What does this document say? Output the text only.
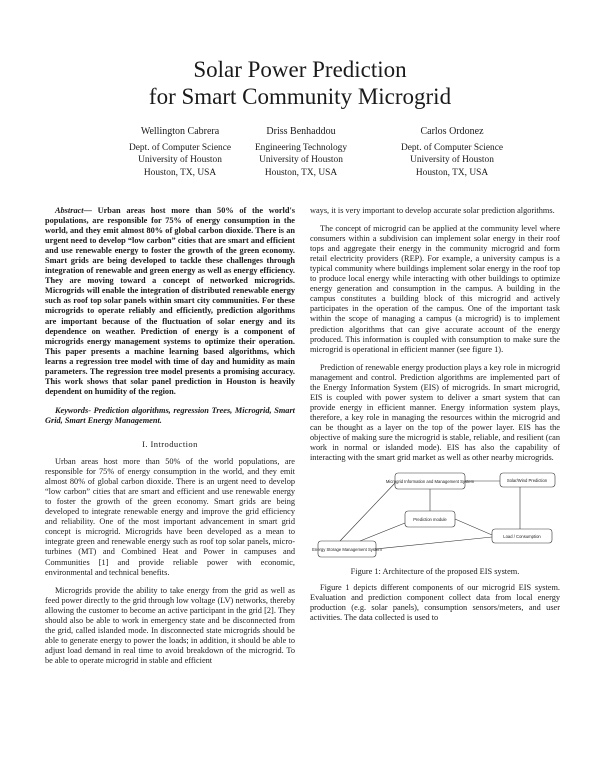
Solar Power Prediction
for Smart Community Microgrid
Wellington Cabrera
Dept. of Computer Science
University of Houston
Houston, TX, USA
Driss Benhaddou
Engineering Technology
University of Houston
Houston, TX, USA
Carlos Ordonez
Dept. of Computer Science
University of Houston
Houston, TX, USA

Abstract— Urban areas host more than 50% of the world's populations, are responsible for 75% of energy consumption in the world, and they emit almost 80% of global carbon dioxide. There is an urgent need to develop “low carbon” cities that are smart and efficient and use renewable energy to foster the growth of the green economy. Smart grids are being developed to tackle these challenges through integration of renewable and green energy as well as energy efficiency. They are moving toward a concept of networked microgrids. Microgrids will enable the integration of distributed renewable energy such as roof top solar panels within smart city communities. For these microgrids to operate reliably and efficiently, prediction algorithms are important because of the fluctuation of solar energy and its dependence on weather. Prediction of energy is a component of microgrids energy management systems to optimize their operation. This paper presents a machine learning based algorithms, which learns a regression tree model with time of day and humidity as main parameters. The regression tree model presents a promising accuracy. This work shows that solar panel prediction in Houston is heavily dependent on humidity of the region.

Keywords- Prediction algorithms, regression Trees, Microgrid, Smart Grid, Smart Energy Management.

I. Introduction

Urban areas host more than 50% of the world populations, are responsible for 75% of energy consumption in the world, and they emit almost 80% of global carbon dioxide. There is an urgent need to develop “low carbon” cities that are smart and efficient and use renewable energy to foster the growth of the green economy. Smart grids are being developed to integrate renewable energy and improve the grid efficiency and reliability. One of the most important advancement in smart grid concept is microgrid. Microgrids have been developed as a mean to integrate green and renewable energy such as roof top solar panels, micro-turbines (MT) and Combined Heat and Power in campuses and Communities [1] and provide reliable power with economic, environmental and technical benefits.

Microgrids provide the ability to take energy from the grid as well as feed power directly to the grid through low voltage (LV) networks, thereby allowing the customer to become an active participant in the grid [2]. They should also be able to work in emergency state and be disconnected from the grid, called islanded mode. In disconnected state microgrids should be able to generate energy to power the loads; in addition, it should be able to adjust load demand in real time to avoid breakdown of the microgrid. To be able to operate microgrid in stable and efficient

ways, it is very important to develop accurate solar prediction algorithms.

The concept of microgrid can be applied at the community level where consumers within a subdivision can implement solar energy in their roof tops and aggregate their energy in the community microgrid and form retail electricity providers (REP). For example, a university campus is a typical community where buildings implement solar energy in the roof top to produce local energy while interacting with other buildings to optimize energy generation and consumption in the campus. A building in the campus constitutes a building block of this microgrid and actively participates in the operation of the campus. One of the important task within the scope of managing a campus (a microgrid) is to implement prediction algorithms that can give accurate account of the energy produced. This information is coupled with consumption to make sure the microgrid is operational in efficient manner (see figure 1).

Prediction of renewable energy production plays a key role in microgrid management and control. Prediction algorithms are implemented part of the Energy Information System (EIS) of microgrids. In smart microgrid, EIS is coupled with power system to deliver a smart system that can provide energy in efficient manner. Energy information system plays, therefore, a key role in managing the resources within the microgrid and can be thought as a layer on the top of the power layer. EIS has the objective of making sure the microgrid is stable, reliable, and resilient (can work in normal or islanded mode). EIS has also the capability of interacting with the smart grid market as well as other nearby microgrids.

Microgrid Information and Management System	Solar/Wind Prediction
Prediction module
Energy Storage Management System
Load / Consumption
Figure 1: Architecture of the proposed EIS system.

Figure 1 depicts different components of our microgrid EIS system. Evaluation and prediction component collect data from local energy production (e.g. solar panels), consumption sensors/meters, and user activities. The data collected is used to
